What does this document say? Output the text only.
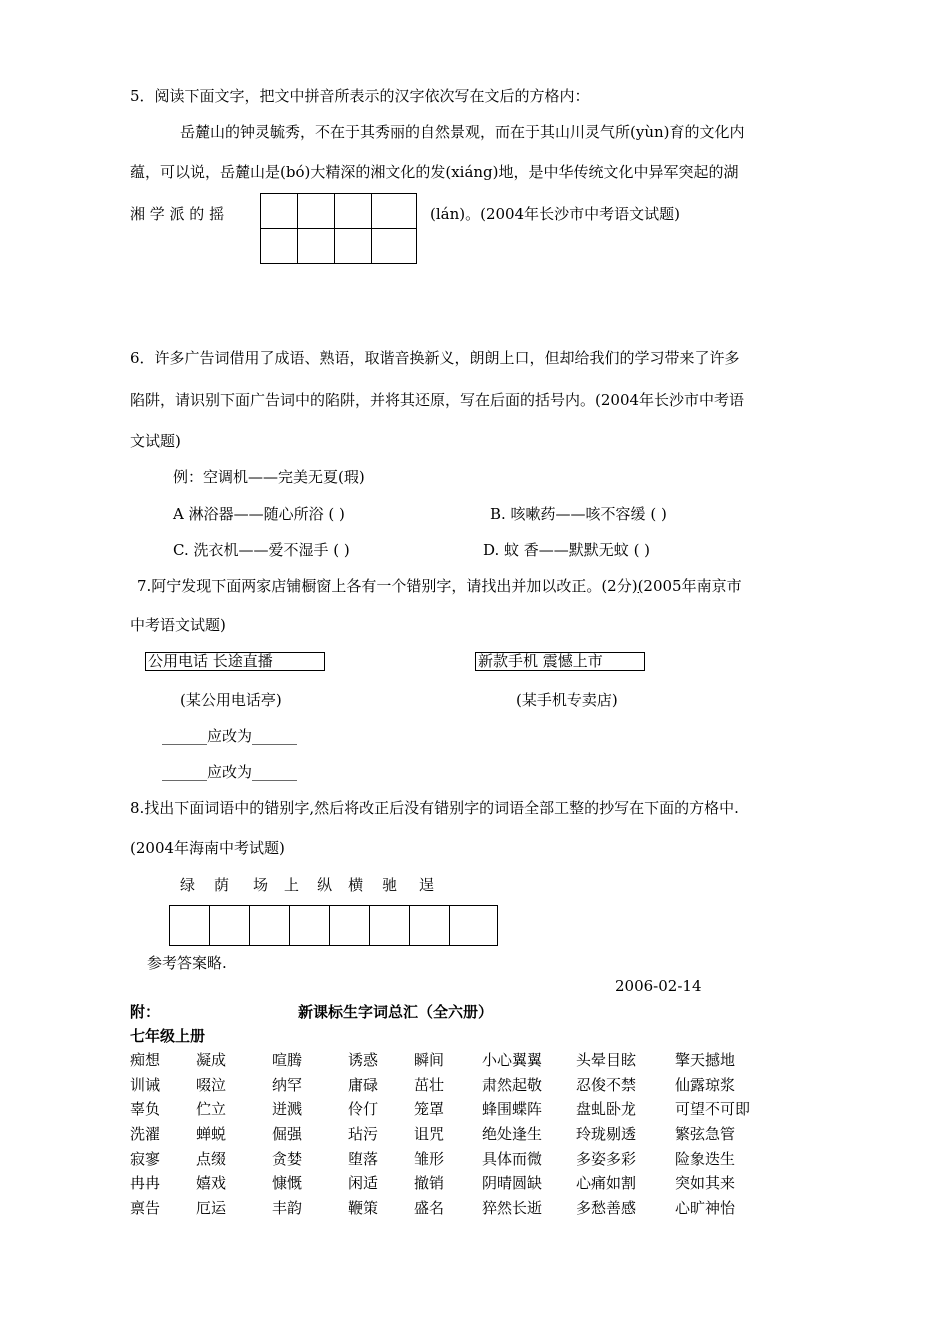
5．阅读下面文字，把文中拼音所表示的汉字依次写在文后的方格内：
岳麓山的钟灵毓秀，不在于其秀丽的自然景观，而在于其山川灵气所(yùn)育的文化内
蕴，可以说，岳麓山是(bó)大精深的湘文化的发(xiáng)地，是中华传统文化中异军突起的湖
湘 学 派 的 摇

				(lán)。(2004年长沙市中考语文试题)
6．许多广告词借用了成语、熟语，取谐音换新义，朗朗上口，但却给我们的学习带来了许多
陷阱，请识别下面广告词中的陷阱，并将其还原，写在后面的括号内。(2004年长沙市中考语
文试题)
例：空调机——完美无夏(瑕)
A 淋浴器——随心所浴 ( )	B. 咳嗽药——咳不容缓 ( )
C. 洗衣机——爱不湿手 ( )	D. 蚊 香——默默无蚊 ( )
7.阿宁发现下面两家店铺橱窗上各有一个错别字，请找出并加以改正。(2分)(2005年南京市
中考语文试题)
公用电话 长途直播	新款手机 震憾上市
(某公用电话亭)	(某手机专卖店)
______应改为______
______应改为______
8.找出下面词语中的错别字,然后将改正后没有错别字的词语全部工整的抄写在下面的方格中.
(2004年海南中考试题)
绿 荫 场 上 纵 横 驰 逞

参考答案略.
2006-02-14
附：	新课标生字词总汇（全六册）
七年级上册
痴想	凝成	喧腾	诱惑	瞬间	小心翼翼	头晕目眩	擎天撼地
训诫	啜泣	纳罕	庸碌	茁壮	肃然起敬	忍俊不禁	仙露琼浆
辜负	伫立	迸溅	伶仃	笼罩	蜂围蝶阵	盘虬卧龙	可望不可即
洗濯	蝉蜕	倔强	玷污	诅咒	绝处逢生	玲珑剔透	繁弦急管
寂寥	点缀	贪婪	堕落	雏形	具体而微	多姿多彩	险象迭生
冉冉	嬉戏	慷慨	闲适	撤销	阴晴圆缺	心痛如割	突如其来
禀告	厄运	丰韵	鞭策	盛名	猝然长逝	多愁善感	心旷神怡
